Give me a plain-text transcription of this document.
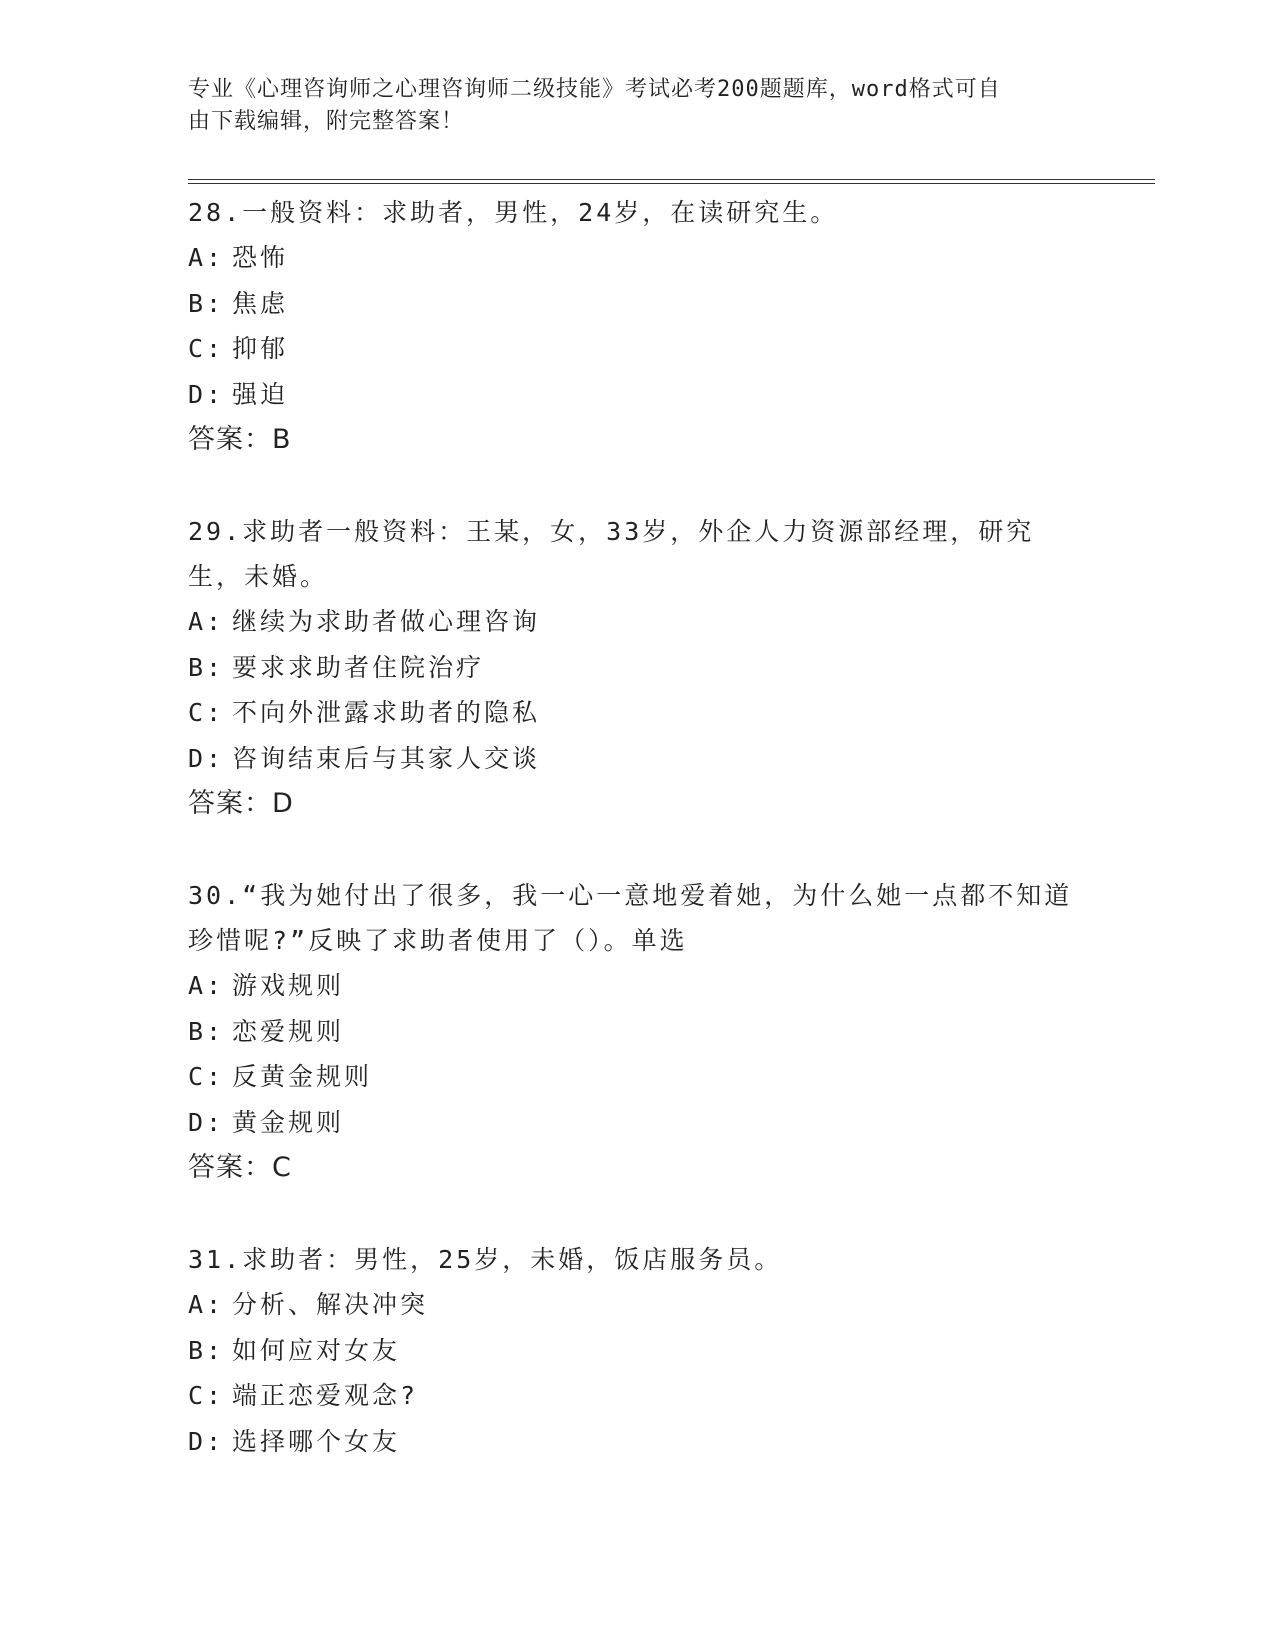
专业《心理咨询师之心理咨询师二级技能》考试必考200题题库，word格式可自
由下载编辑，附完整答案！

28.一般资料：求助者，男性，24岁，在读研究生。

A: 恐怖

B: 焦虑

C: 抑郁

D: 强迫

答案：B

29.求助者一般资料：王某，女，33岁，外企人力资源部经理，研究生，未婚。

A: 继续为求助者做心理咨询

B: 要求求助者住院治疗

C: 不向外泄露求助者的隐私

D: 咨询结束后与其家人交谈

答案：D

30.“我为她付出了很多，我一心一意地爱着她，为什么她一点都不知道珍惜呢?”反映了求助者使用了（）。单选

A: 游戏规则

B: 恋爱规则

C: 反黄金规则

D: 黄金规则

答案：C

31.求助者：男性，25岁，未婚，饭店服务员。

A: 分析、解决冲突

B: 如何应对女友

C: 端正恋爱观念?

D: 选择哪个女友
